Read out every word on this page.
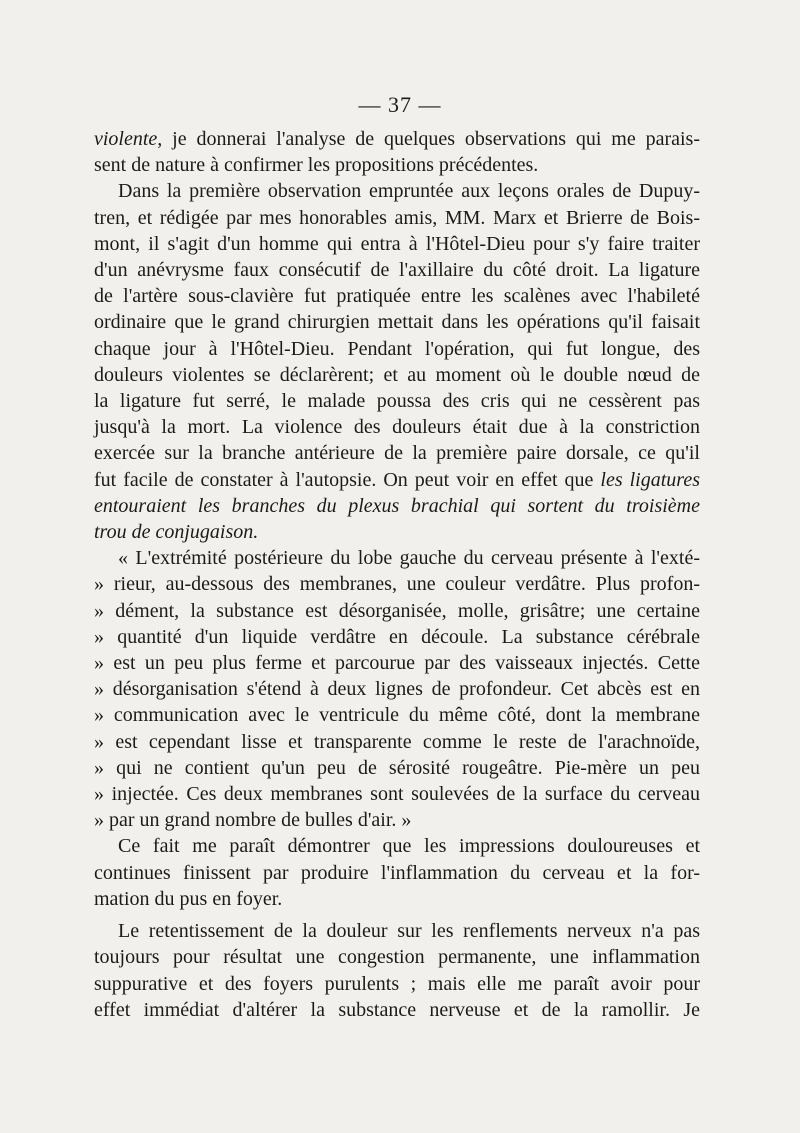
— 37 —
violente, je donnerai l'analyse de quelques observations qui me parais-
sent de nature à confirmer les propositions précédentes.
Dans la première observation empruntée aux leçons orales de Dupuy-
tren, et rédigée par mes honorables amis, MM. Marx et Brierre de Bois-
mont, il s'agit d'un homme qui entra à l'Hôtel-Dieu pour s'y faire traiter
d'un anévrysme faux consécutif de l'axillaire du côté droit. La ligature
de l'artère sous-clavière fut pratiquée entre les scalènes avec l'habileté
ordinaire que le grand chirurgien mettait dans les opérations qu'il faisait
chaque jour à l'Hôtel-Dieu. Pendant l'opération, qui fut longue, des
douleurs violentes se déclarèrent; et au moment où le double nœud de
la ligature fut serré, le malade poussa des cris qui ne cessèrent pas
jusqu'à la mort. La violence des douleurs était due à la constriction
exercée sur la branche antérieure de la première paire dorsale, ce qu'il
fut facile de constater à l'autopsie. On peut voir en effet que les ligatures
entouraient les branches du plexus brachial qui sortent du troisième
trou de conjugaison.
« L'extrémité postérieure du lobe gauche du cerveau présente à l'exté-
» rieur, au-dessous des membranes, une couleur verdâtre. Plus profon-
» dément, la substance est désorganisée, molle, grisâtre; une certaine
» quantité d'un liquide verdâtre en découle. La substance cérébrale
» est un peu plus ferme et parcourue par des vaisseaux injectés. Cette
» désorganisation s'étend à deux lignes de profondeur. Cet abcès est en
» communication avec le ventricule du même côté, dont la membrane
» est cependant lisse et transparente comme le reste de l'arachnoïde,
» qui ne contient qu'un peu de sérosité rougeâtre. Pie-mère un peu
» injectée. Ces deux membranes sont soulevées de la surface du cerveau
» par un grand nombre de bulles d'air. »
Ce fait me paraît démontrer que les impressions douloureuses et
continues finissent par produire l'inflammation du cerveau et la for-
mation du pus en foyer.
Le retentissement de la douleur sur les renflements nerveux n'a pas
toujours pour résultat une congestion permanente, une inflammation
suppurative et des foyers purulents ; mais elle me paraît avoir pour
effet immédiat d'altérer la substance nerveuse et de la ramollir. Je
